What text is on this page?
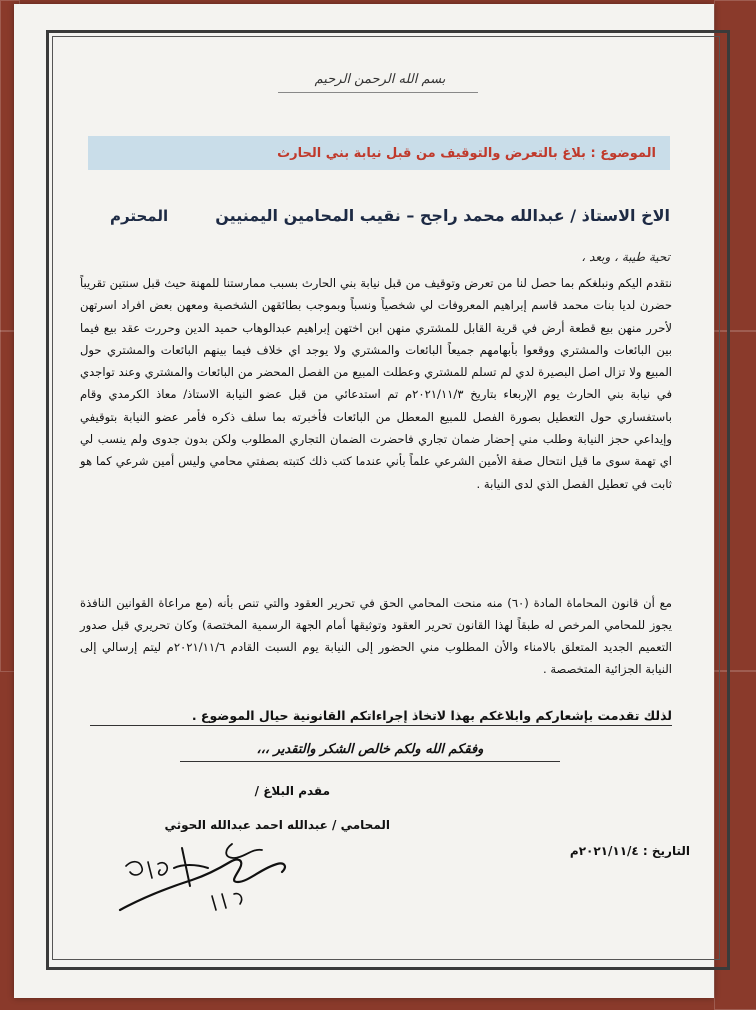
بسم الله الرحمن الرحيم
الموضوع : بلاغ بالتعرض والتوقيف من قبل نيابة بني الحارث
الاخ الاستاذ / عبدالله محمد راجح – نقيب المحامين اليمنيين
المحترم
تحية طيبة ، وبعد ،

نتقدم اليكم ونبلغكم بما حصل لنا من تعرض وتوقيف من قبل نيابة بني الحارث بسبب ممارستنا للمهنة حيث قبل سنتين تقريباً حضرن لديا بنات محمد قاسم إبراهيم المعروفات لي شخصياً ونسباً وبموجب بطائقهن الشخصية ومعهن بعض افراد اسرتهن لأحرر منهن بيع قطعة أرض في قرية القابل للمشتري منهن ابن اختهن إبراهيم عبدالوهاب حميد الدين وحررت عقد بيع فيما بين البائعات والمشتري ووقعوا بأبهامهم جميعاً البائعات والمشتري ولا يوجد اي خلاف فيما بينهم البائعات والمشتري حول المبيع ولا تزال اصل البصيرة لدي لم تسلم للمشتري وعطلت المبيع من الفصل المحضر من البائعات والمشتري وعند تواجدي في نيابة بني الحارث يوم الإربعاء بتاريخ ٢٠٢١/١١/٣م تم استدعائي من قبل عضو النيابة الاستاذ/ معاذ الكرمدي وقام باستفساري حول التعطيل بصورة الفصل للمبيع المعطل من البائعات فأخبرته بما سلف ذكره فأمر عضو النيابة بتوقيفي وإيداعي حجز النيابة وطلب مني إحضار ضمان تجاري فاحضرت الضمان التجاري المطلوب ولكن بدون جدوى ولم ينسب لي اي تهمة سوى ما قيل انتحال صفة الأمين الشرعي علماً بأني عندما كتب ذلك كتبته بصفتي محامي وليس أمين شرعي كما هو ثابت في تعطيل الفصل الذي لدى النيابة .

مع أن قانون المحاماة المادة (٦٠) منه منحت المحامي الحق في تحرير العقود والتي تنص بأنه (مع مراعاة القوانين النافذة يجوز للمحامي المرخص له طبقاً لهذا القانون تحرير العقود وتوثيقها أمام الجهة الرسمية المختصة) وكان تحريري قبل صدور التعميم الجديد المتعلق بالامناء والأن المطلوب مني الحضور إلى النيابة يوم السبت القادم ٢٠٢١/١١/٦م ليتم إرسالي إلى النيابة الجزائية المتخصصة .

لذلك تقدمت بإشعاركم وابلاغكم بهذا لاتخاذ إجراءاتكم القانونية حيال الموضوع .
وفقكم الله ولكم خالص الشكر والتقدير ،،،
مقدم البلاغ /
المحامي / عبدالله احمد عبدالله الحوثي
التاريخ : ٢٠٢١/١١/٤م
